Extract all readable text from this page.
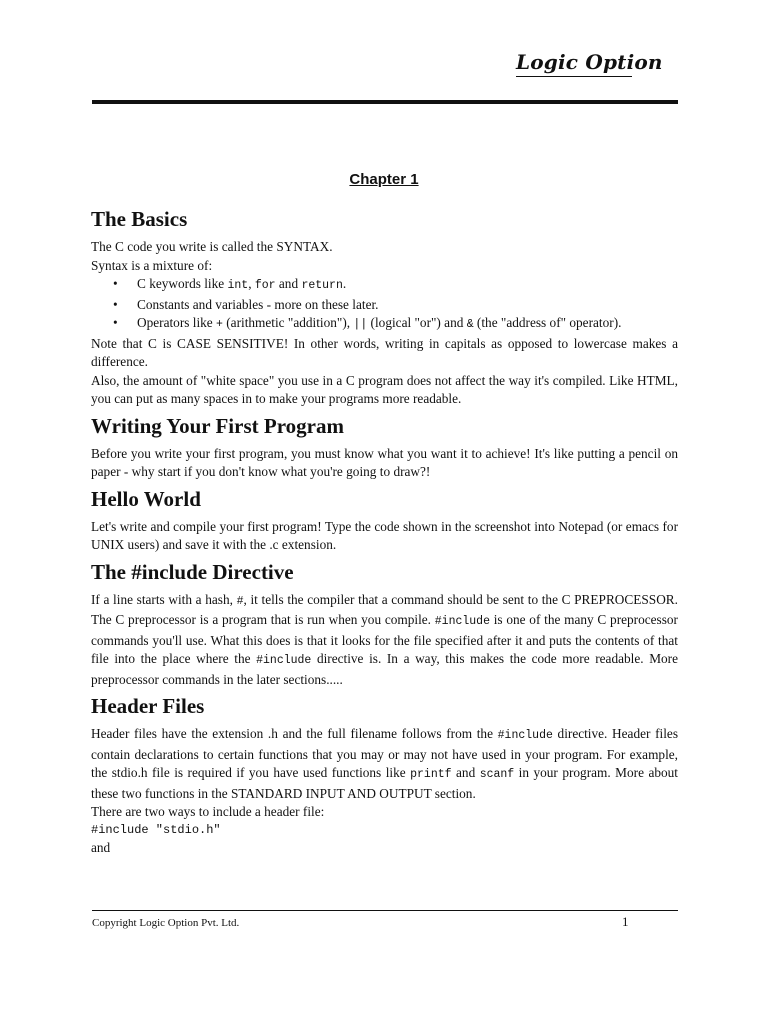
Logic Option
Chapter 1
The Basics

The C code you write is called the SYNTAX.

Syntax is a mixture of:

• C keywords like int, for and return.
• Constants and variables - more on these later.
• Operators like + (arithmetic "addition"), || (logical "or") and & (the "address of" operator).

Note that C is CASE SENSITIVE! In other words, writing in capitals as opposed to lowercase makes a difference.

Also, the amount of "white space" you use in a C program does not affect the way it's compiled. Like HTML, you can put as many spaces in to make your programs more readable.

Writing Your First Program

Before you write your first program, you must know what you want it to achieve! It's like putting a pencil on paper - why start if you don't know what you're going to draw?!

Hello World

Let's write and compile your first program! Type the code shown in the screenshot into Notepad (or emacs for UNIX users) and save it with the .c extension.

The #include Directive

If a line starts with a hash, #, it tells the compiler that a command should be sent to the C PREPROCESSOR. The C preprocessor is a program that is run when you compile. #include is one of the many C preprocessor commands you'll use. What this does is that it looks for the file specified after it and puts the contents of that file into the place where the #include directive is. In a way, this makes the code more readable. More preprocessor commands in the later sections.....

Header Files

Header files have the extension .h and the full filename follows from the #include directive. Header files contain declarations to certain functions that you may or may not have used in your program. For example, the stdio.h file is required if you have used functions like printf and scanf in your program. More about these two functions in the STANDARD INPUT AND OUTPUT section.

There are two ways to include a header file:

#include "stdio.h"
and
Copyright Logic Option Pvt. Ltd.	1
